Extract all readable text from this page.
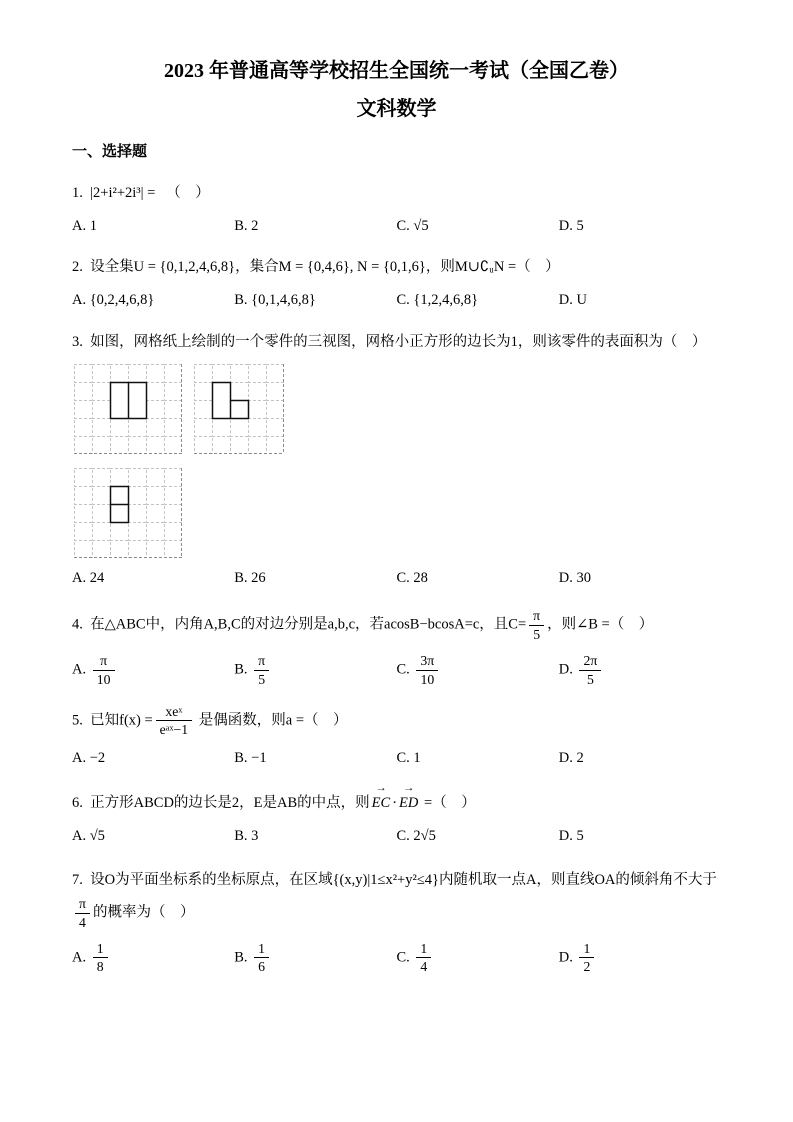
2023 年普通高等学校招生全国统一考试（全国乙卷）
文科数学
一、选择题
1.  |2+i²+2i³| =   （　）
A. 1	B. 2	C. √5	D. 5
2.  设全集U = {0,1,2,4,6,8}，集合M = {0,4,6}, N = {0,1,6}，则M∪∁ᵤN =（　）
A. {0,2,4,6,8}	B. {0,1,4,6,8}	C. {1,2,4,6,8}	D. U
3.  如图，网格纸上绘制的一个零件的三视图，网格小正方形的边长为1，则该零件的表面积为（　）
A. 24	B. 26	C. 28	D. 30
4.  在△ABC中，内角A,B,C的对边分别是a,b,c，若acosB−bcosA=c，且$C= \frac{\pi}{5}$ ，则∠B =（　）
A. $\frac{\pi}{10}$	B. $\frac{\pi}{5}$	C. $\frac{3\pi}{10}$	D. $\frac{2\pi}{5}$
5.  已知$f(x) = \frac{\text{xeˣ}}{\text{eᵃˣ−1}}$ 是偶函数，则a =（　）
A. −2	B. −1	C. 1	D. 2
6.  正方形ABCD的边长是2，E是AB的中点，则
→
EC ·
→
ED =（　）
A. √5	B. 3	C. 2√5	D. 5
7.  设O为平面坐标系的坐标原点，在区域{(x,y)|1≤x²+y²≤4}内随机取一点A，则直线OA的倾斜角不大于
$\frac{\pi}{4}$ 的概率为（　）
A. $\frac{1}{8}$	B. $\frac{1}{6}$	C. $\frac{1}{4}$	D. $\frac{1}{2}$
